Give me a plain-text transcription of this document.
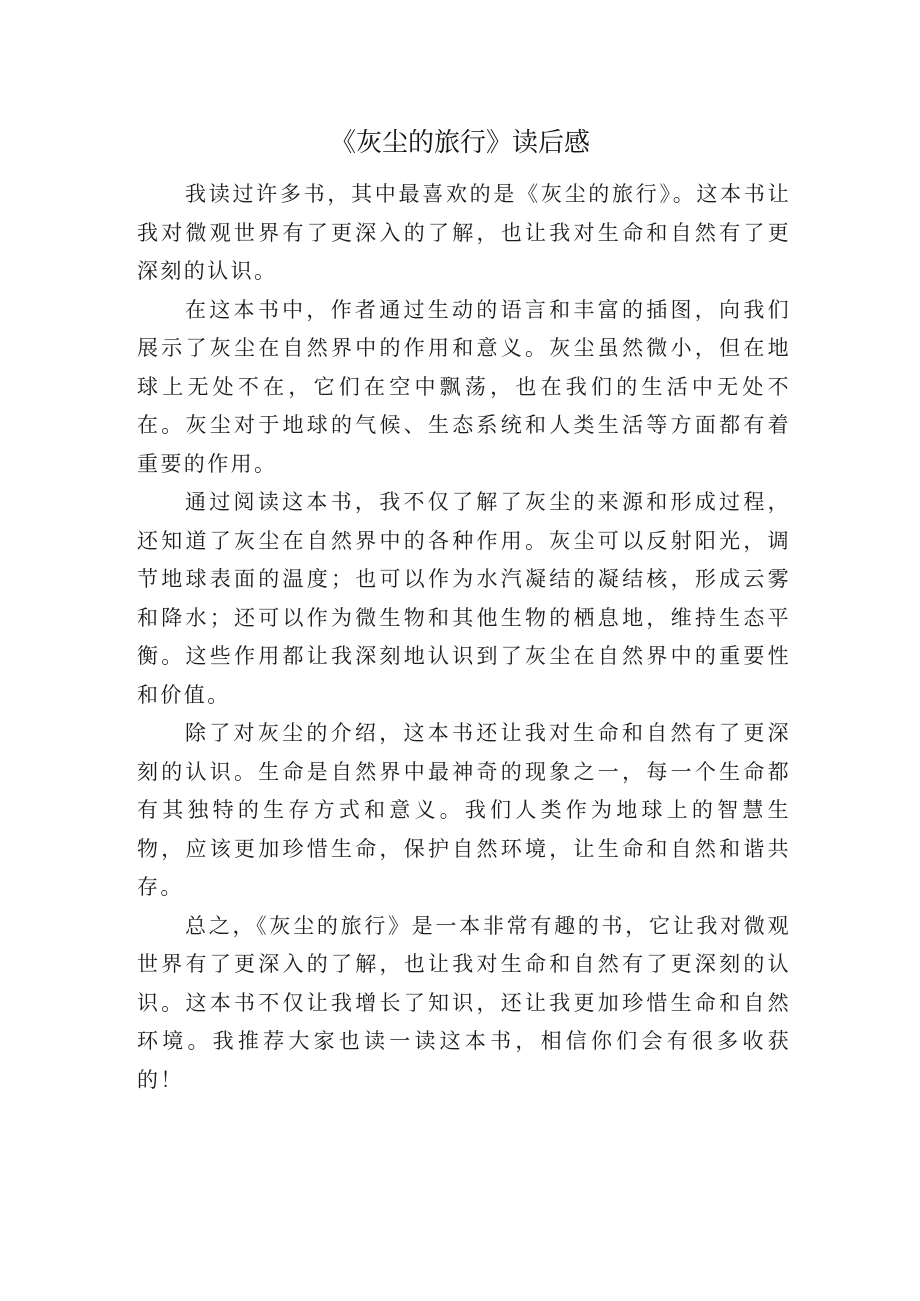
《灰尘的旅行》读后感

我读过许多书，其中最喜欢的是《灰尘的旅行》。这本书让我对微观世界有了更深入的了解，也让我对生命和自然有了更深刻的认识。

在这本书中，作者通过生动的语言和丰富的插图，向我们展示了灰尘在自然界中的作用和意义。灰尘虽然微小，但在地球上无处不在，它们在空中飘荡，也在我们的生活中无处不在。灰尘对于地球的气候、生态系统和人类生活等方面都有着重要的作用。

通过阅读这本书，我不仅了解了灰尘的来源和形成过程，还知道了灰尘在自然界中的各种作用。灰尘可以反射阳光，调节地球表面的温度；也可以作为水汽凝结的凝结核，形成云雾和降水；还可以作为微生物和其他生物的栖息地，维持生态平衡。这些作用都让我深刻地认识到了灰尘在自然界中的重要性和价值。

除了对灰尘的介绍，这本书还让我对生命和自然有了更深刻的认识。生命是自然界中最神奇的现象之一，每一个生命都有其独特的生存方式和意义。我们人类作为地球上的智慧生物，应该更加珍惜生命，保护自然环境，让生命和自然和谐共存。

总之，《灰尘的旅行》是一本非常有趣的书，它让我对微观世界有了更深入的了解，也让我对生命和自然有了更深刻的认识。这本书不仅让我增长了知识，还让我更加珍惜生命和自然环境。我推荐大家也读一读这本书，相信你们会有很多收获的！
